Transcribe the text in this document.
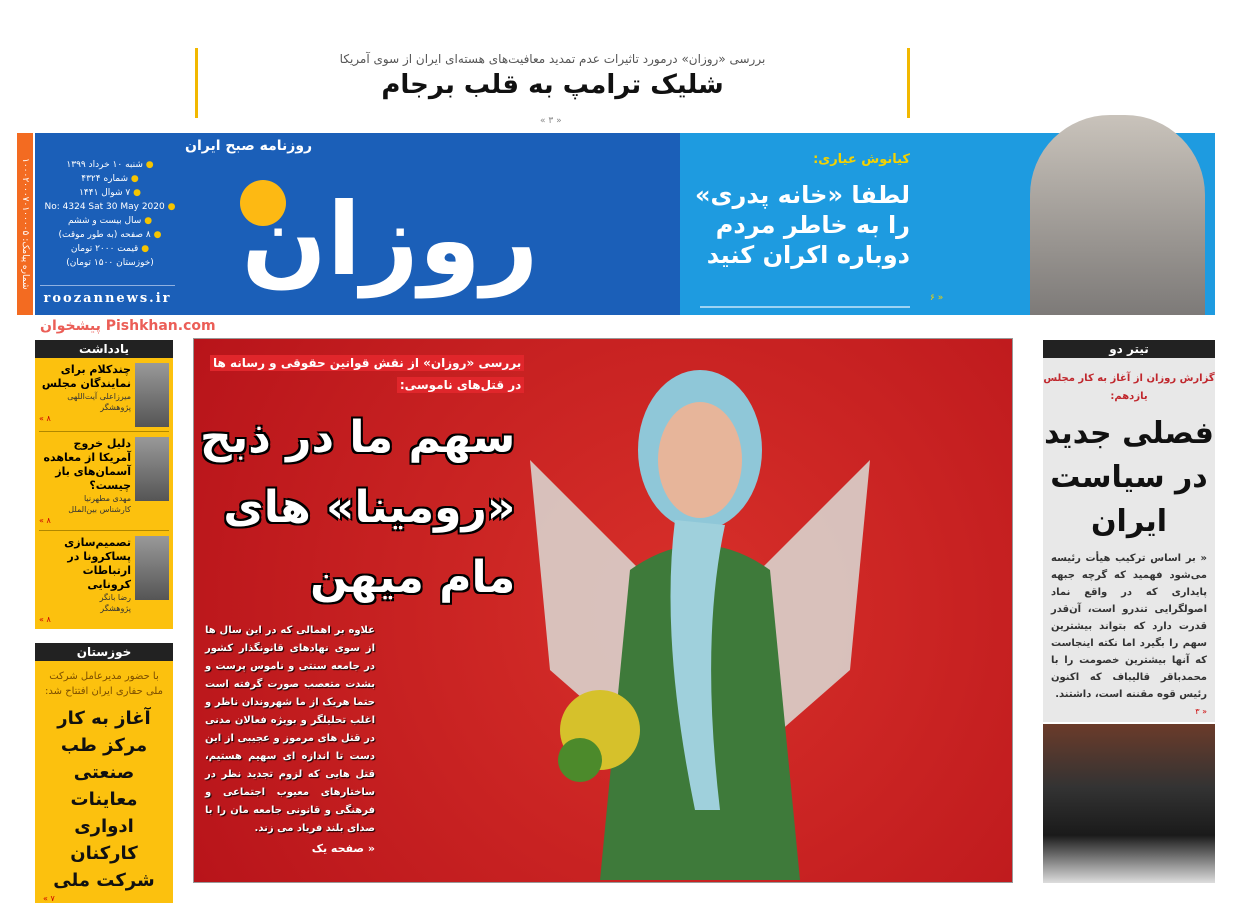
بررسی «روزان» درمورد تاثیرات عدم تمدید معافیت‌های هسته‌ای ایران از سوی آمریکا
شلیک ترامپ به قلب برجام
« ۳ »
شماره پیامک: ۱۰۰۰۲۰۰۰۷۰۱۰۰۰۰۵
● شنبه ۱۰ خرداد ۱۳۹۹
● شماره ۴۳۲۴
● ۷ شوال ۱۴۴۱
● No: 4324 Sat 30 May 2020
● سال بیست و ششم
● ۸ صفحه (به طور موقت)
● قیمت ۲۰۰۰ تومان
(خوزستان ۱۵۰۰ تومان)
roozannews.ir
روزان
روزنامه صبح ایران
کیانوش عیاری:
لطفا «خانه پدری» را به خاطر مردم دوباره اکران کنید
« ۶
پیشخوان Pishkhan.com
یادداشت
چندکلام برای نمایندگان مجلس
میرزاعلی آیت‌اللهی
پژوهشگر
« ۸
دلیل خروج آمریکا از معاهده آسمان‌های باز چیست؟
مهدی مطهرنیا
کارشناس بین‌الملل
« ۸
تصمیم‌سازی پساکرونا در ارتباطات کرونایی
رضا بانگر
پژوهشگر
« ۸
خوزستان
با حضور مدیرعامل شرکت ملی حفاری ایران افتتاح شد:
آغاز به کار مرکز طب صنعتی معاینات ادواری کارکنان شرکت ملی
« ۷
بررسی «روزان» از نقش قوانین حقوقی و رسانه ها
در قتل‌های ناموسی:
سهم ما در ذبح
«رومینا» های
مام میهن
علاوه بر اهمالی که در این سال ها از سوی نهادهای قانونگذار کشور در جامعه سنتی و ناموس پرست و بشدت متعصب صورت گرفته است حتما هریک از ما شهروندان ناظر و اغلب تحلیلگر و بویژه فعالان مدنی در قتل های مرموز و عجیبی از این دست تا اندازه ای سهیم هستیم، قتل هایی که لزوم تجدید نظر در ساختارهای معیوب اجتماعی و فرهنگی و قانونی جامعه مان را با صدای بلند فریاد می زند.
« صفحه یک
تیتر دو
گزارش روزان از آغاز به کار مجلس یازدهم:
فصلی جدید در سیاست ایران
« بر اساس ترکیب هیأت رئیسه می‌شود فهمید که گرچه جبهه پایداری که در واقع نماد اصولگرایی تندرو است، آن‌قدر قدرت دارد که بتواند بیشترین سهم را بگیرد اما نکته اینجاست که آنها بیشترین خصومت را با محمدباقر قالیباف که اکنون رئیس قوه مقننه است، داشتند.
« ۳
